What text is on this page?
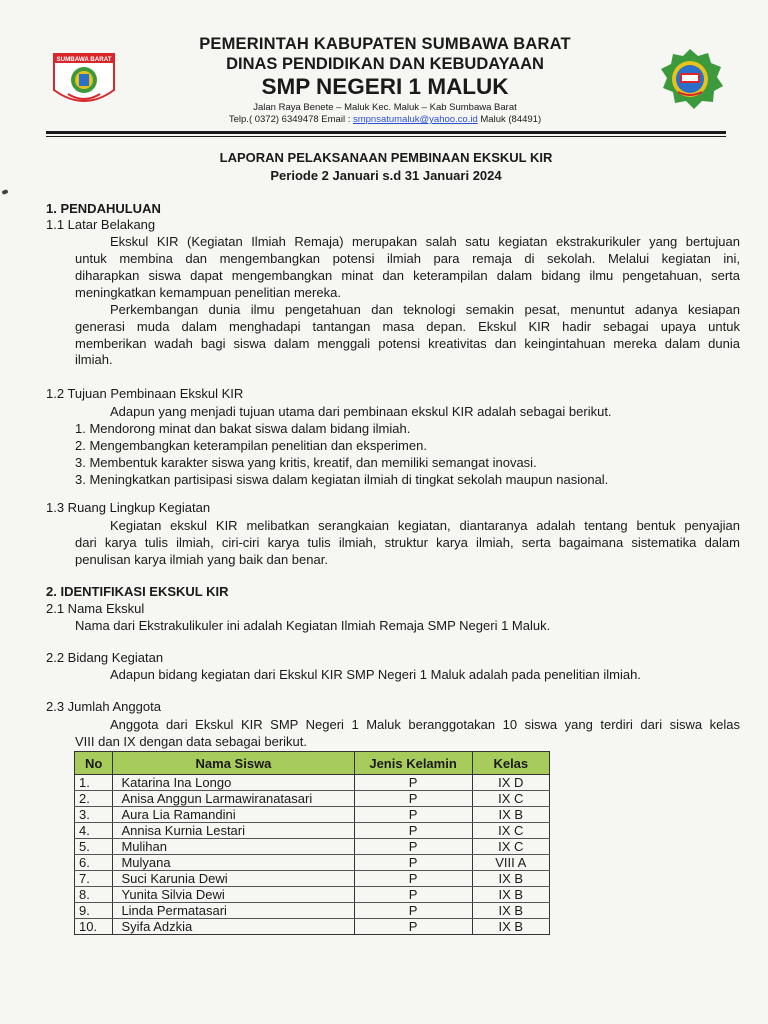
SUMBAWA BARAT
PEMERINTAH KABUPATEN SUMBAWA BARAT
DINAS PENDIDIKAN DAN KEBUDAYAAN
SMP NEGERI 1 MALUK
Jalan Raya Benete – Maluk Kec. Maluk – Kab Sumbawa Barat
Telp.( 0372) 6349478 Email : smpnsatumaluk@yahoo.co.id Maluk (84491)
LAPORAN PELAKSANAAN PEMBINAAN EKSKUL KIR
Periode 2 Januari s.d 31 Januari 2024
1. PENDAHULUAN
1.1 Latar Belakang
Ekskul KIR (Kegiatan Ilmiah Remaja) merupakan salah satu kegiatan ekstrakurikuler yang bertujuan
untuk membina dan mengembangkan potensi ilmiah para remaja di sekolah. Melalui kegiatan ini,
diharapkan siswa dapat mengembangkan minat dan keterampilan dalam bidang ilmu pengetahuan, serta
meningkatkan kemampuan penelitian mereka.
Perkembangan dunia ilmu pengetahuan dan teknologi semakin pesat, menuntut adanya kesiapan
generasi muda dalam menghadapi tantangan masa depan. Ekskul KIR hadir sebagai upaya untuk
memberikan wadah bagi siswa dalam menggali potensi kreativitas dan keingintahuan mereka dalam dunia
ilmiah.
1.2 Tujuan Pembinaan Ekskul KIR
Adapun yang menjadi tujuan utama dari pembinaan ekskul KIR adalah sebagai berikut.
1. Mendorong minat dan bakat siswa dalam bidang ilmiah.
2. Mengembangkan keterampilan penelitian dan eksperimen.
3. Membentuk karakter siswa yang kritis, kreatif, dan memiliki semangat inovasi.
3. Meningkatkan partisipasi siswa dalam kegiatan ilmiah di tingkat sekolah maupun nasional.
1.3 Ruang Lingkup Kegiatan
Kegiatan ekskul KIR melibatkan serangkaian kegiatan, diantaranya adalah tentang bentuk penyajian
dari karya tulis ilmiah, ciri-ciri karya tulis ilmiah, struktur karya ilmiah, serta bagaimana sistematika dalam
penulisan karya ilmiah yang baik dan benar.
2. IDENTIFIKASI EKSKUL KIR
2.1 Nama Ekskul
Nama dari Ekstrakulikuler ini adalah Kegiatan Ilmiah Remaja SMP Negeri 1 Maluk.
2.2 Bidang Kegiatan
Adapun bidang kegiatan dari Ekskul KIR SMP Negeri 1 Maluk adalah pada penelitian ilmiah.
2.3 Jumlah Anggota
Anggota dari Ekskul KIR SMP Negeri 1 Maluk beranggotakan 10 siswa yang terdiri dari siswa kelas
VIII dan IX dengan data sebagai berikut.
No	Nama Siswa	Jenis Kelamin	Kelas
1.	Katarina Ina Longo	P	IX D
2.	Anisa Anggun Larmawiranatasari	P	IX C
3.	Aura Lia Ramandini	P	IX B
4.	Annisa Kurnia Lestari	P	IX C
5.	Mulihan	P	IX C
6.	Mulyana	P	VIII A
7.	Suci Karunia Dewi	P	IX B
8.	Yunita Silvia Dewi	P	IX B
9.	Linda Permatasari	P	IX B
10.	Syifa Adzkia	P	IX B
